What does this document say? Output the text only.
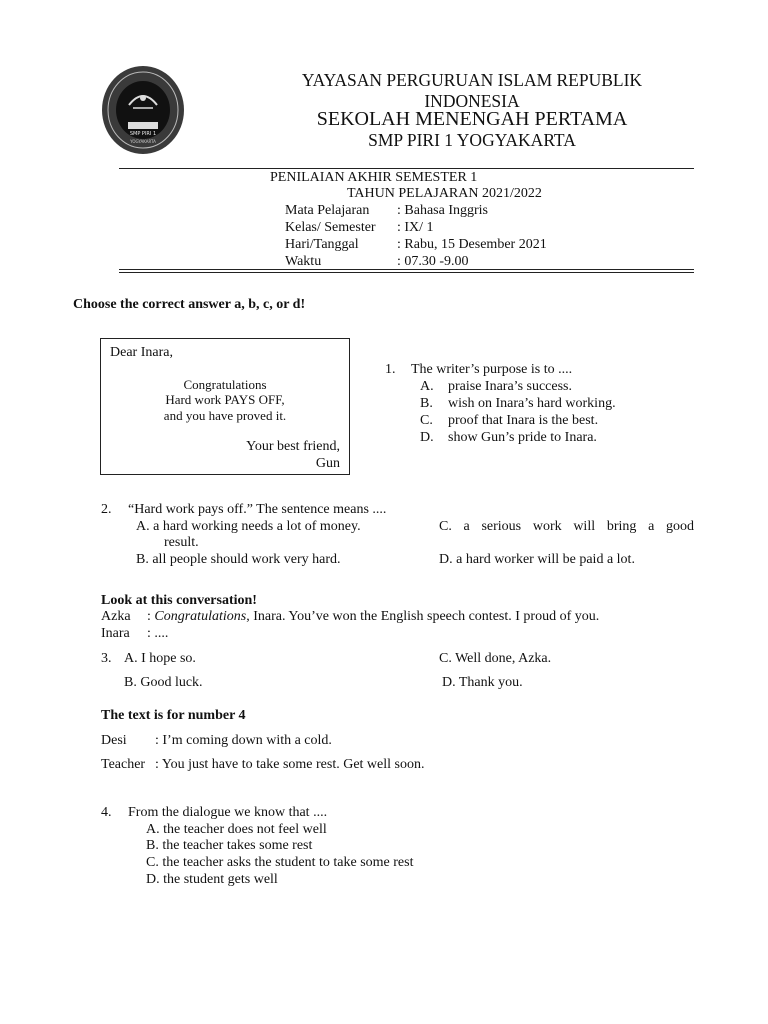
SMP PIRI 1
YOGYAKARTA
YAYASAN PERGURUAN ISLAM REPUBLIK
INDONESIA
SEKOLAH MENENGAH PERTAMA
SMP PIRI 1 YOGYAKARTA
PENILAIAN AKHIR SEMESTER 1
TAHUN PELAJARAN 2021/2022
Mata Pelajaran : Bahasa Inggris
Kelas/ Semester : IX/ 1
Hari/Tanggal	: Rabu, 15 Desember 2021
Waktu	: 07.30 -9.00
Choose the correct answer a, b, c, or d!
Dear Inara,
Congratulations
Hard work PAYS OFF,
and you have proved it.
Your best friend,
Gun
1. The writer’s purpose is to ....
A. praise Inara’s success.
B. wish on Inara’s hard working.
C. proof that Inara is the best.
D. show Gun’s pride to Inara.
2. “Hard work pays off.” The sentence means ....
A. a hard working needs a lot of money.	C. a serious work will bring a good
result.
B. all people should work very hard.	D. a hard worker will be paid a lot.
Look at this conversation!
Azka : Congratulations, Inara. You’ve won the English speech contest. I proud of you.
Inara : ....
3. A. I hope so.	C. Well done, Azka.
B. Good luck.	D. Thank you.
The text is for number 4
Desi : I’m coming down with a cold.
Teacher : You just have to take some rest. Get well soon.
4. From the dialogue we know that ....
A. the teacher does not feel well
B. the teacher takes some rest
C. the teacher asks the student to take some rest
D. the student gets well
